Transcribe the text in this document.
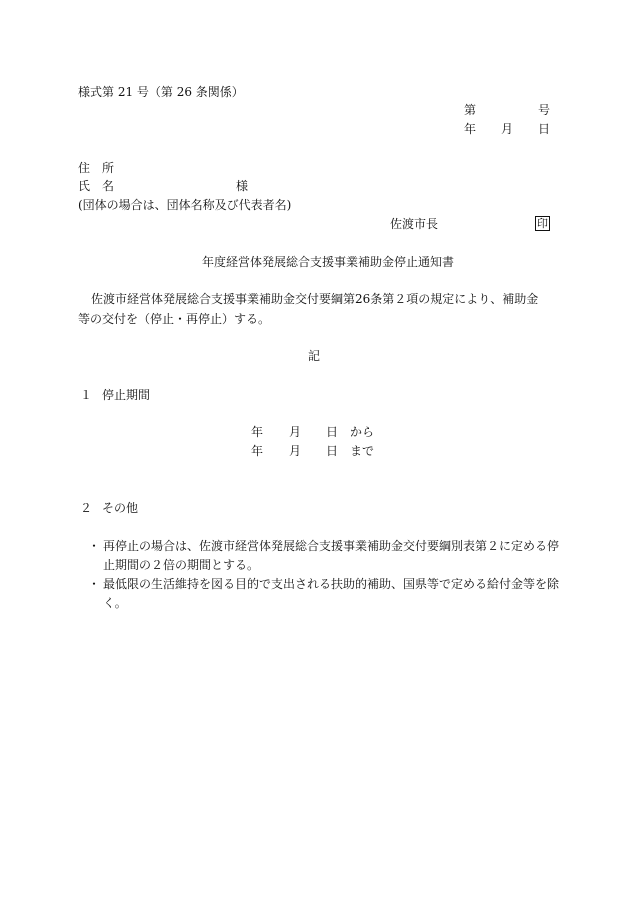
様式第 21 号（第 26 条関係）
第	号
年 月 日
住　所
氏　名	様
(団体の場合は、団体名称及び代表者名)
佐渡市長	印
年度経営体発展総合支援事業補助金停止通知書
佐渡市経営体発展総合支援事業補助金交付要綱第26条第２項の規定により、補助金
等の交付を（停止・再停止）する。
記
１ 停止期間
年 月 日 から
年 月 日 まで
２ その他
・ 再停止の場合は、佐渡市経営体発展総合支援事業補助金交付要綱別表第２に定める停止期間の２倍の期間とする。
・ 最低限の生活維持を図る目的で支出される扶助的補助、国県等で定める給付金等を除く。
